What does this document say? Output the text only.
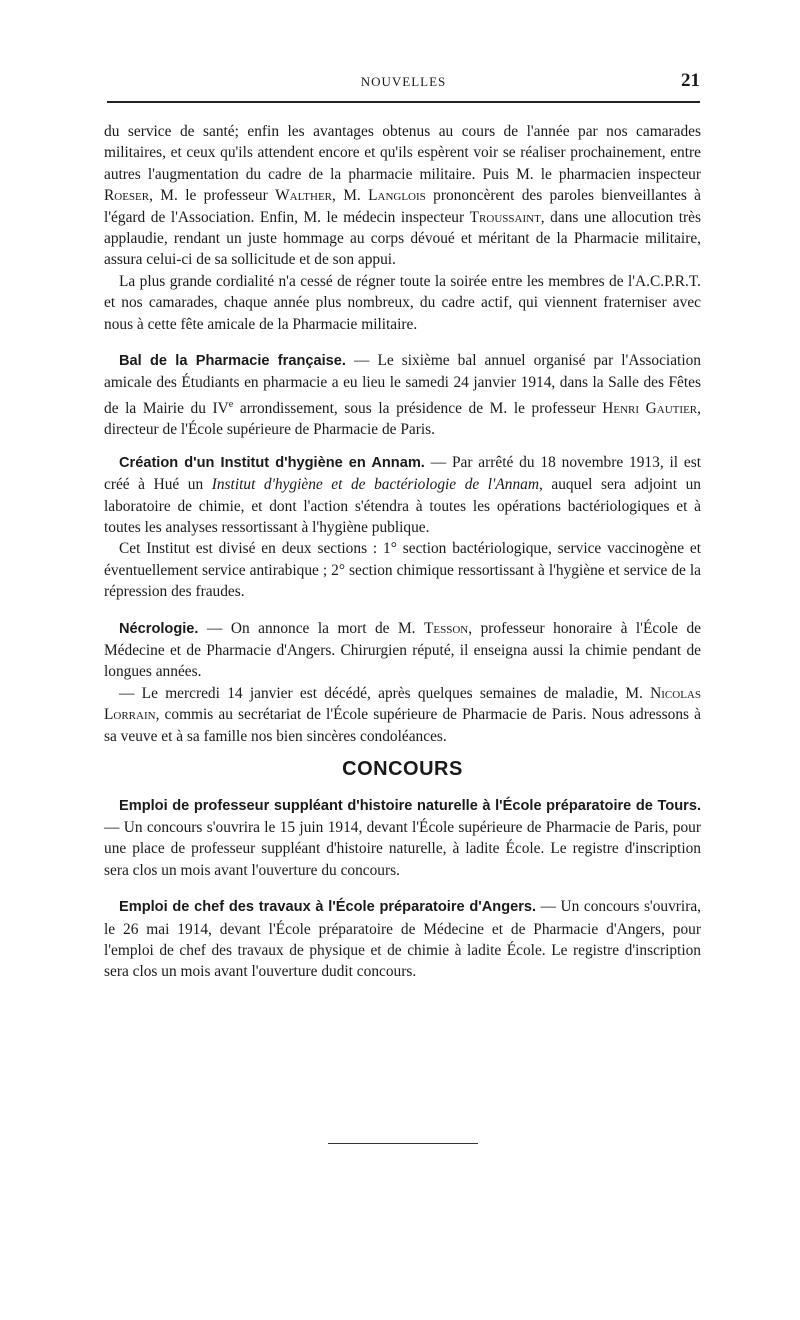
NOUVELLES	21

du service de santé; enfin les avantages obtenus au cours de l'année par nos camarades militaires, et ceux qu'ils attendent encore et qu'ils espèrent voir se réaliser prochainement, entre autres l'augmentation du cadre de la pharmacie militaire. Puis M. le pharmacien inspecteur Roeser, M. le professeur Walther, M. Langlois prononcèrent des paroles bienveillantes à l'égard de l'Association. Enfin, M. le médecin inspecteur Troussaint, dans une allocution très applaudie, rendant un juste hommage au corps dévoué et méritant de la Pharmacie militaire, assura celui-ci de sa sollicitude et de son appui.

La plus grande cordialité n'a cessé de régner toute la soirée entre les membres de l'A.C.P.R.T. et nos camarades, chaque année plus nombreux, du cadre actif, qui viennent fraterniser avec nous à cette fête amicale de la Pharmacie militaire.

Bal de la Pharmacie française. — Le sixième bal annuel organisé par l'Association amicale des Étudiants en pharmacie a eu lieu le samedi 24 janvier 1914, dans la Salle des Fêtes de la Mairie du IVe arrondissement, sous la présidence de M. le professeur Henri Gautier, directeur de l'École supérieure de Pharmacie de Paris.

Création d'un Institut d'hygiène en Annam. — Par arrêté du 18 novembre 1913, il est créé à Hué un Institut d'hygiène et de bactériologie de l'Annam, auquel sera adjoint un laboratoire de chimie, et dont l'action s'étendra à toutes les opérations bactériologiques et à toutes les analyses ressortissant à l'hygiène publique.

Cet Institut est divisé en deux sections : 1° section bactériologique, service vaccinogène et éventuellement service antirabique ; 2° section chimique ressortissant à l'hygiène et service de la répression des fraudes.

Nécrologie. — On annonce la mort de M. Tesson, professeur honoraire à l'École de Médecine et de Pharmacie d'Angers. Chirurgien réputé, il enseigna aussi la chimie pendant de longues années.

— Le mercredi 14 janvier est décédé, après quelques semaines de maladie, M. Nicolas Lorrain, commis au secrétariat de l'École supérieure de Pharmacie de Paris. Nous adressons à sa veuve et à sa famille nos bien sincères condoléances.

CONCOURS

Emploi de professeur suppléant d'histoire naturelle à l'École préparatoire de Tours. — Un concours s'ouvrira le 15 juin 1914, devant l'École supérieure de Pharmacie de Paris, pour une place de professeur suppléant d'histoire naturelle, à ladite École. Le registre d'inscription sera clos un mois avant l'ouverture du concours.

Emploi de chef des travaux à l'École préparatoire d'Angers. — Un concours s'ouvrira, le 26 mai 1914, devant l'École préparatoire de Médecine et de Pharmacie d'Angers, pour l'emploi de chef des travaux de physique et de chimie à ladite École. Le registre d'inscription sera clos un mois avant l'ouverture dudit concours.
